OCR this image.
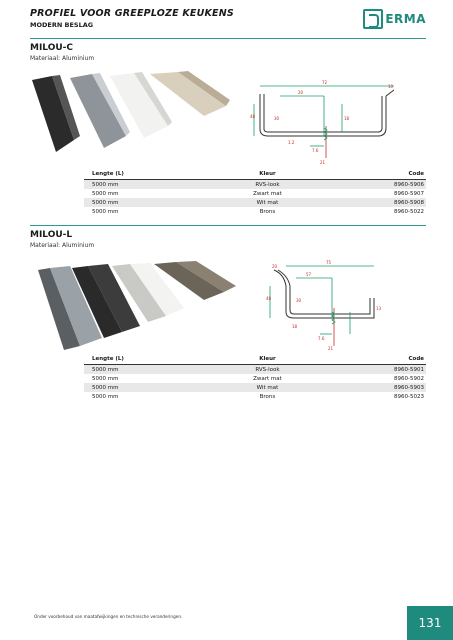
PROFIEL VOOR GREEPLOZE KEUKENS
MODERN BESLAG	ERMA
MILOU-C
Materiaal: Aluminium
72
20
10
48	30
7.6
18
21
1.2
Lengte (L)	Kleur	Code
5000 mm	RVS-look	8960-5906
5000 mm	Zwart mat	8960-5907
5000 mm	Wit mat	8960-5908
5000 mm	Brons	8960-5022
MILOU-L
Materiaal: Aluminium
20
75
57
48
18
30
13
7.6
21
Lengte (L)	Kleur	Code
5000 mm	RVS-look	8960-5901
5000 mm	Zwart mat	8960-5902
5000 mm	Wit mat	8960-5903
5000 mm	Brons	8960-5023
Onder voorbehoud van maatafwijkingen en technische veranderingen.	131
